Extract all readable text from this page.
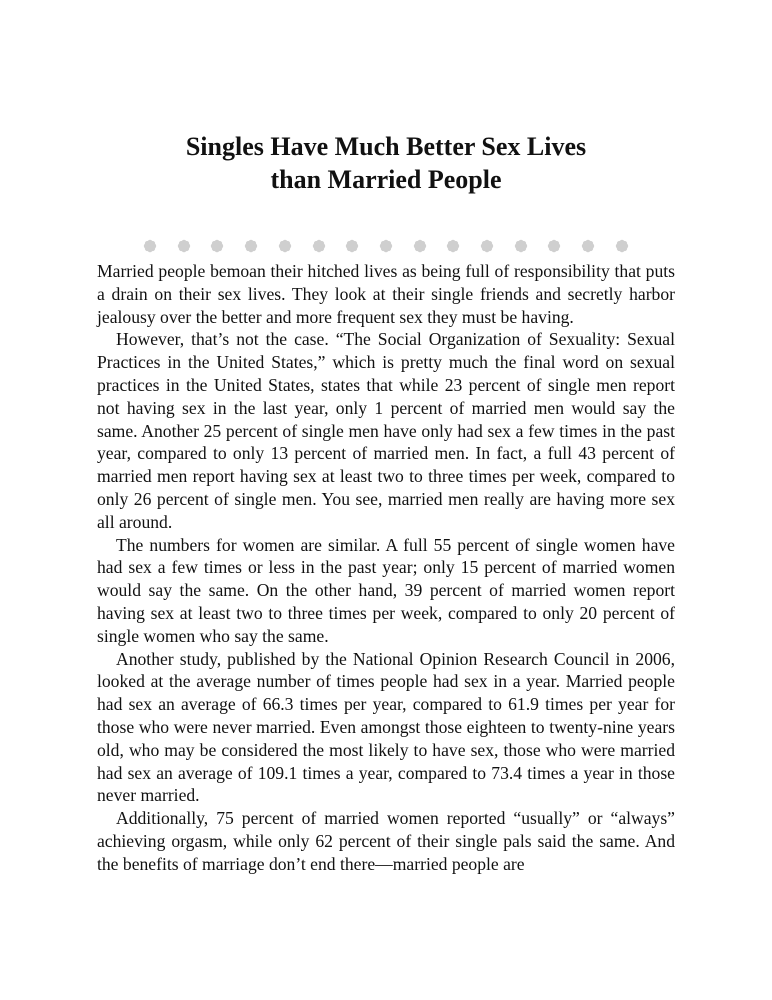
Singles Have Much Better Sex Lives
than Married People

Married people bemoan their hitched lives as being full of responsibility that puts a drain on their sex lives. They look at their single friends and secretly harbor jealousy over the better and more frequent sex they must be having.

However, that’s not the case. “The Social Organization of Sexuality: Sexual Practices in the United States,” which is pretty much the final word on sexual practices in the United States, states that while 23 percent of single men report not having sex in the last year, only 1 percent of married men would say the same. Another 25 percent of single men have only had sex a few times in the past year, compared to only 13 percent of married men. In fact, a full 43 percent of married men report having sex at least two to three times per week, compared to only 26 percent of single men. You see, married men really are having more sex all around.

The numbers for women are similar. A full 55 percent of single women have had sex a few times or less in the past year; only 15 percent of married women would say the same. On the other hand, 39 percent of married women report having sex at least two to three times per week, compared to only 20 percent of single women who say the same.

Another study, published by the National Opinion Research Council in 2006, looked at the average number of times people had sex in a year. Married people had sex an average of 66.3 times per year, compared to 61.9 times per year for those who were never married. Even amongst those eighteen to twenty-nine years old, who may be considered the most likely to have sex, those who were married had sex an average of 109.1 times a year, compared to 73.4 times a year in those never married.

Additionally, 75 percent of married women reported “usually” or “always” achieving orgasm, while only 62 percent of their single pals said the same. And the benefits of marriage don’t end there—married people are
